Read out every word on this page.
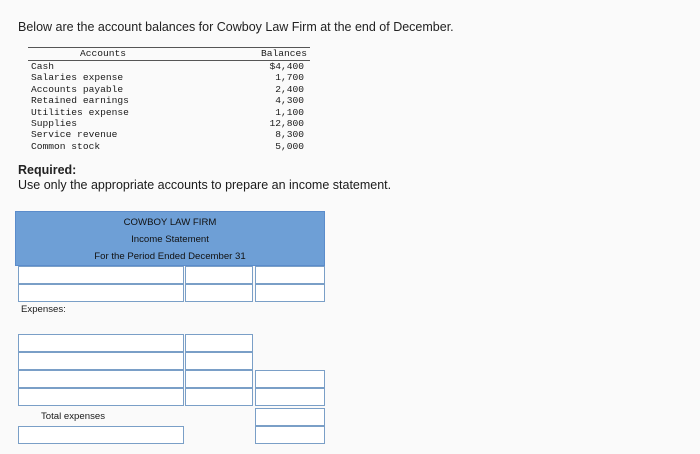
Below are the account balances for Cowboy Law Firm at the end of December.
Accounts	Balances
Cash	$4,400
Salaries expense	1,700
Accounts payable	2,400
Retained earnings	4,300
Utilities expense	1,100
Supplies	12,800
Service revenue	8,300
Common stock	5,000
Required:
Use only the appropriate accounts to prepare an income statement.
COWBOY LAW FIRM
Income Statement
For the Period Ended December 31
Expenses:
Total expenses
